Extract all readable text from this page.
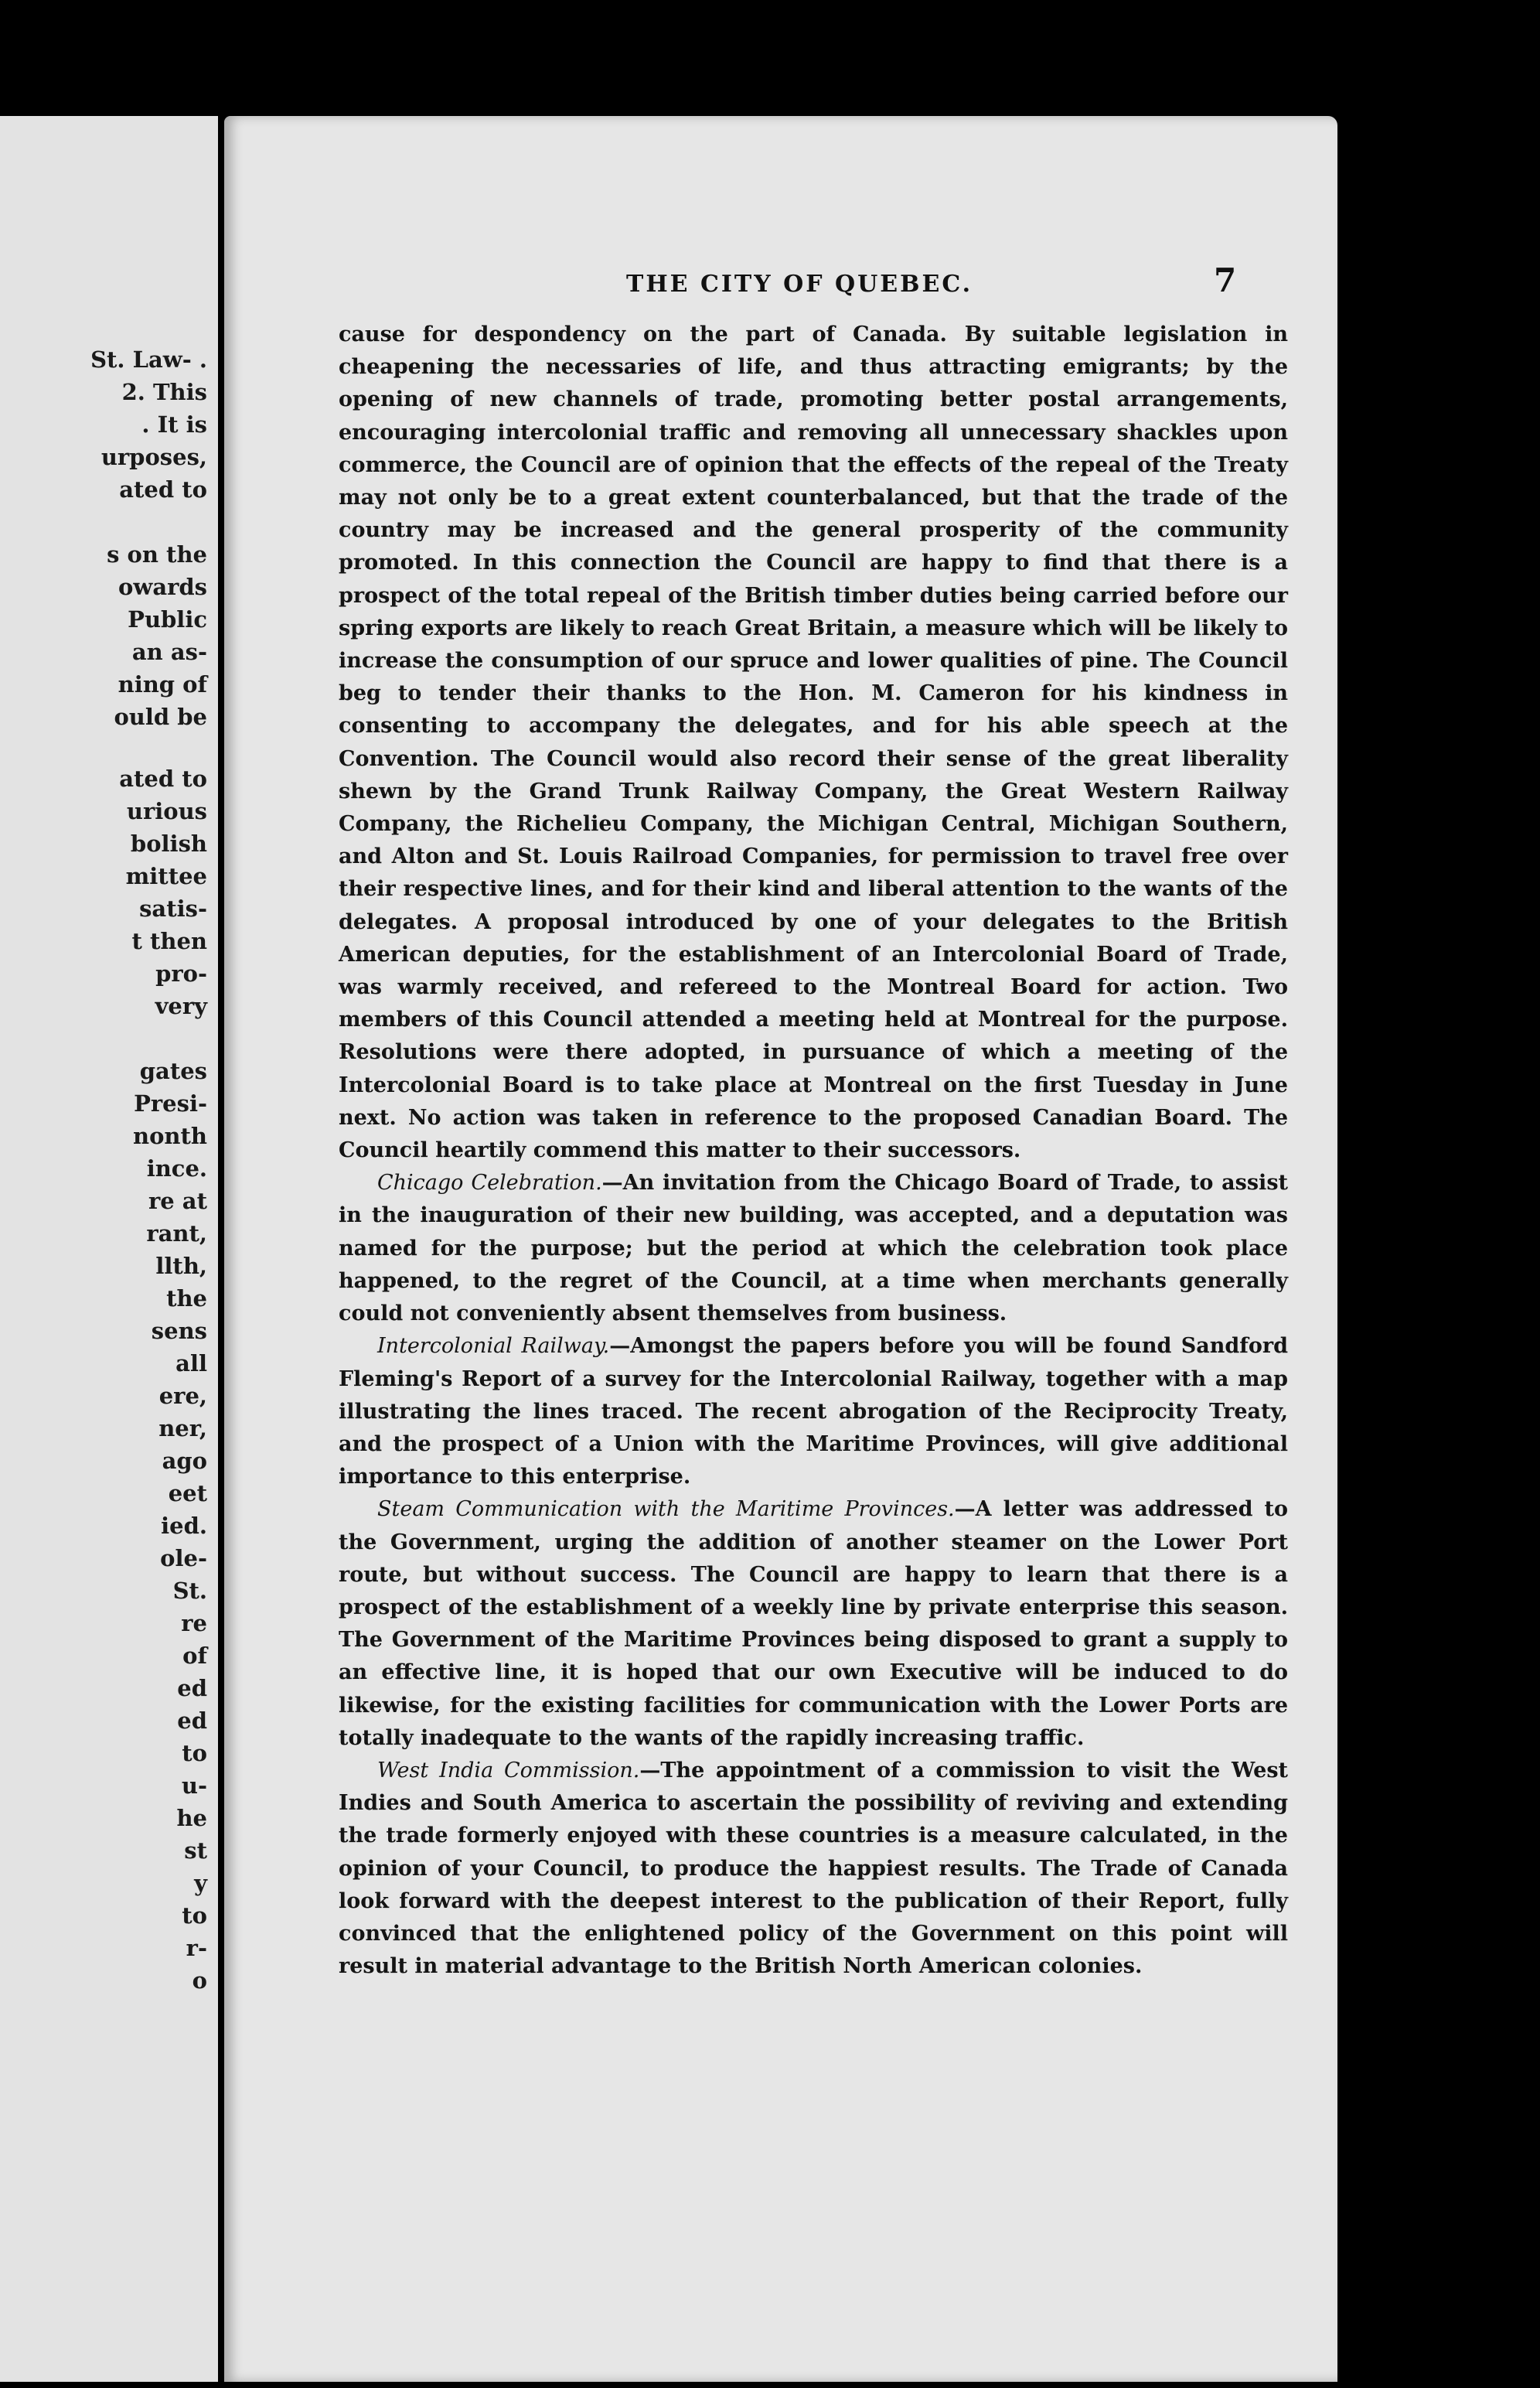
St. Law- .
2. This
. It is
urposes,
ated to
s on the
owards
Public
an as-
ning of
ould be
ated to
urious
bolish
mittee
satis-
t then
pro-
very
gates
Presi-
nonth
ince.
re at
rant,
llth,
the
sens
all
ere,
ner,
ago
eet
ied.
ole-
St.
re
of
ed
ed
to
u-
he
st
y
to
r-
o
THE CITY OF QUEBEC.	7

cause for despondency on the part of Canada. By suitable legislation in cheapening the necessaries of life, and thus attracting emigrants; by the opening of new channels of trade, promoting better postal arrangements, encouraging intercolonial traffic and removing all unnecessary shackles upon commerce, the Council are of opinion that the effects of the repeal of the Treaty may not only be to a great extent counterbalanced, but that the trade of the country may be increased and the general prosperity of the community promoted. In this connection the Council are happy to find that there is a prospect of the total repeal of the British timber duties being carried before our spring exports are likely to reach Great Britain, a measure which will be likely to increase the consumption of our spruce and lower qualities of pine. The Council beg to tender their thanks to the Hon. M. Cameron for his kindness in consenting to accompany the delegates, and for his able speech at the Convention. The Council would also record their sense of the great liberality shewn by the Grand Trunk Railway Company, the Great Western Railway Company, the Richelieu Company, the Michigan Central, Michigan Southern, and Alton and St. Louis Railroad Companies, for permission to travel free over their respective lines, and for their kind and liberal attention to the wants of the delegates. A proposal introduced by one of your delegates to the British American deputies, for the establishment of an Intercolonial Board of Trade, was warmly received, and refereed to the Montreal Board for action. Two members of this Council attended a meeting held at Montreal for the purpose. Resolutions were there adopted, in pursuance of which a meeting of the Intercolonial Board is to take place at Montreal on the first Tuesday in June next. No action was taken in reference to the proposed Canadian Board. The Council heartily commend this matter to their successors.

Chicago Celebration.—An invitation from the Chicago Board of Trade, to assist in the inauguration of their new building, was accepted, and a deputation was named for the purpose; but the period at which the celebration took place happened, to the regret of the Council, at a time when merchants generally could not conveniently absent themselves from business.

Intercolonial Railway.—Amongst the papers before you will be found Sandford Fleming's Report of a survey for the Intercolonial Railway, together with a map illustrating the lines traced. The recent abrogation of the Reciprocity Treaty, and the prospect of a Union with the Maritime Provinces, will give additional importance to this enterprise.

Steam Communication with the Maritime Provinces.—A letter was addressed to the Government, urging the addition of another steamer on the Lower Port route, but without success. The Council are happy to learn that there is a prospect of the establishment of a weekly line by private enterprise this season. The Government of the Maritime Provinces being disposed to grant a supply to an effective line, it is hoped that our own Executive will be induced to do likewise, for the existing facilities for communication with the Lower Ports are totally inadequate to the wants of the rapidly increasing traffic.

West India Commission.—The appointment of a commission to visit the West Indies and South America to ascertain the possibility of reviving and extending the trade formerly enjoyed with these countries is a measure calculated, in the opinion of your Council, to produce the happiest results. The Trade of Canada look forward with the deepest interest to the publication of their Report, fully convinced that the enlightened policy of the Government on this point will result in material advantage to the British North American colonies.
